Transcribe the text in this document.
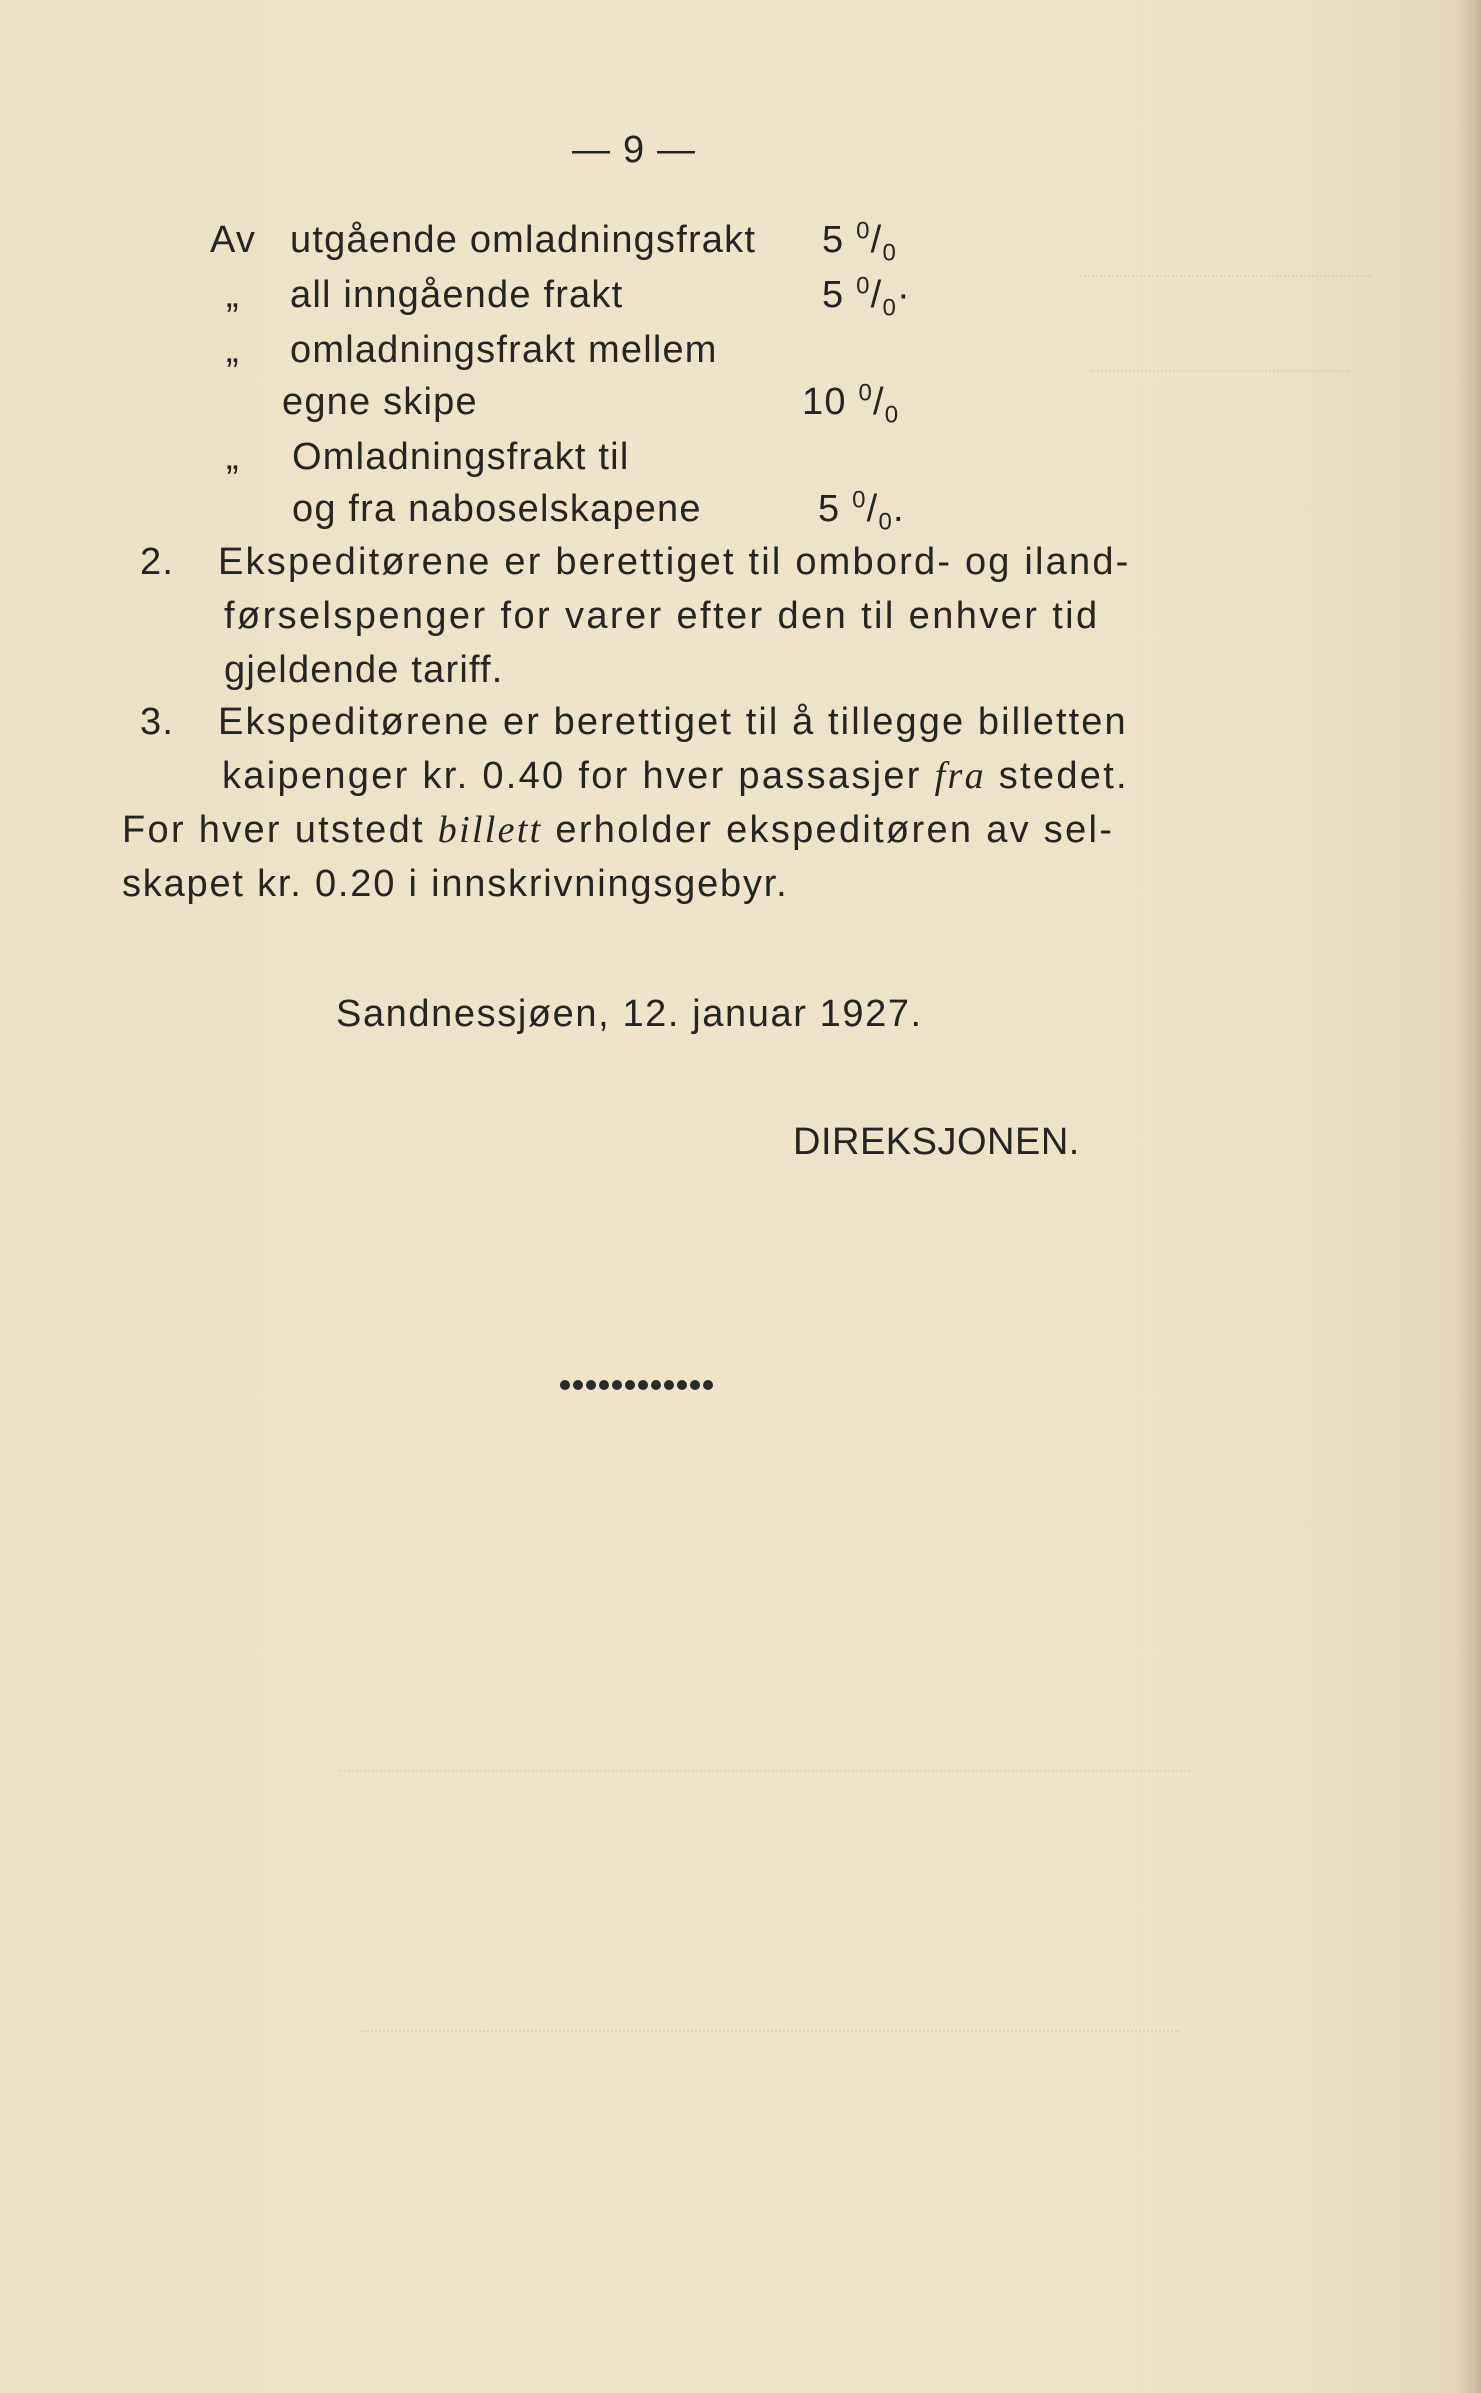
— 9 —
Av utgående omladningsfrakt 5 $^0/_0$
„ all inngående frakt	5 $^0/_0\cdot$
„ omladningsfrakt mellem
egne skipe	10 $^0/_0$
„ Omladningsfrakt til
og fra naboselskapene	5 $^0/_0$.
2. Ekspeditørene er berettiget til ombord- og iland-
førselspenger for varer efter den til enhver tid
gjeldende tariff.
3. Ekspeditørene er berettiget til å tillegge billetten
kaipenger kr. 0.40 for hver passasjer fra stedet.
For hver utstedt billett erholder ekspeditøren av sel-
skapet kr. 0.20 i innskrivningsgebyr.
Sandnessjøen, 12. januar 1927.
DIREKSJONEN.
